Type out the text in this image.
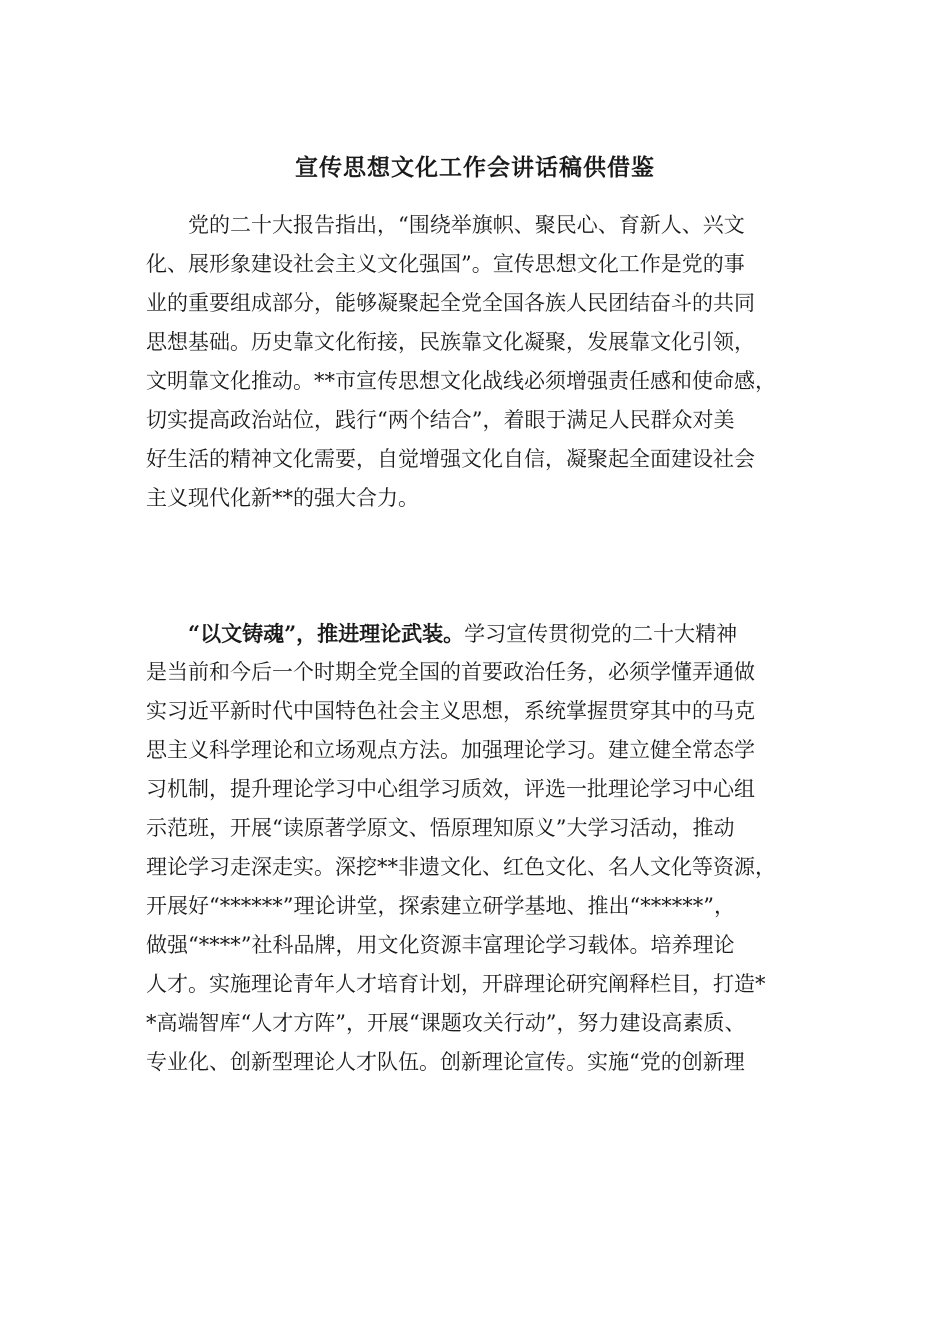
宣传思想文化工作会讲话稿供借鉴
党的二十大报告指出，“围绕举旗帜、聚民心、育新人、兴文
化、展形象建设社会主义文化强国”。宣传思想文化工作是党的事
业的重要组成部分，能够凝聚起全党全国各族人民团结奋斗的共同
思想基础。历史靠文化衔接，民族靠文化凝聚，发展靠文化引领，
文明靠文化推动。**市宣传思想文化战线必须增强责任感和使命感，
切实提高政治站位，践行“两个结合”，着眼于满足人民群众对美
好生活的精神文化需要，自觉增强文化自信，凝聚起全面建设社会
主义现代化新**的强大合力。
“以文铸魂”，推进理论武装。学习宣传贯彻党的二十大精神
是当前和今后一个时期全党全国的首要政治任务，必须学懂弄通做
实习近平新时代中国特色社会主义思想，系统掌握贯穿其中的马克
思主义科学理论和立场观点方法。加强理论学习。建立健全常态学
习机制，提升理论学习中心组学习质效，评选一批理论学习中心组
示范班，开展“读原著学原文、悟原理知原义”大学习活动，推动
理论学习走深走实。深挖**非遗文化、红色文化、名人文化等资源，
开展好“******”理论讲堂，探索建立研学基地、推出“******”，
做强“****”社科品牌，用文化资源丰富理论学习载体。培养理论
人才。实施理论青年人才培育计划，开辟理论研究阐释栏目，打造*
*高端智库“人才方阵”，开展“课题攻关行动”，努力建设高素质、
专业化、创新型理论人才队伍。创新理论宣传。实施“党的创新理
